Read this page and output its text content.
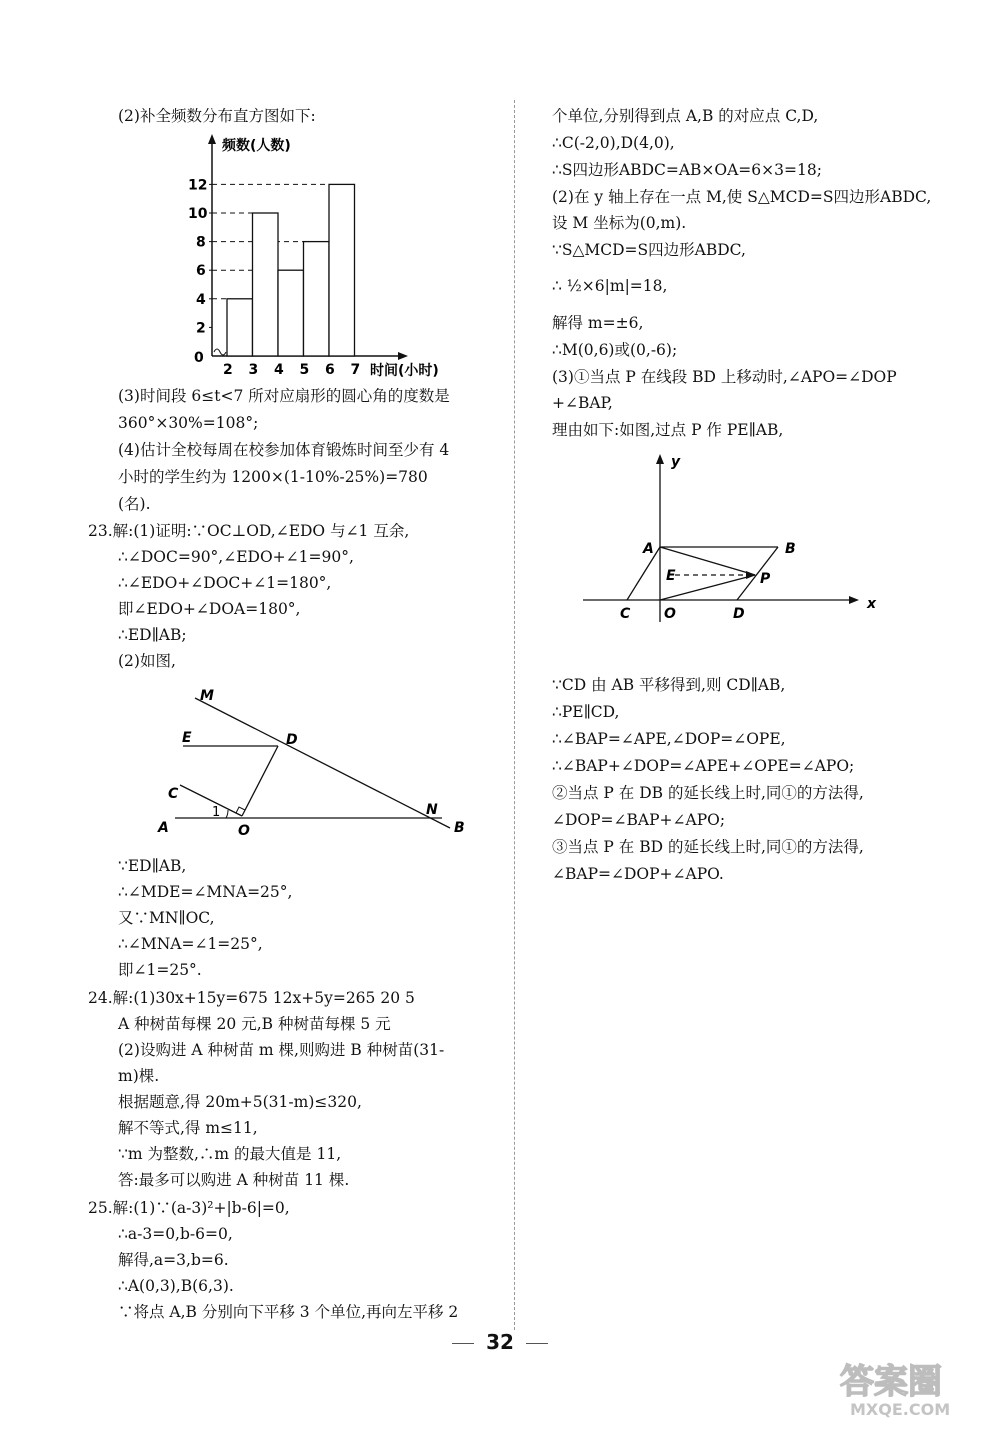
(2)补全频数分布直方图如下:
(3)时间段 6≤t<7 所对应扇形的圆心角的度数是
360°×30%=108°;
(4)估计全校每周在校参加体育锻炼时间至少有 4
小时的学生约为 1200×(1-10%-25%)=780
(名).
23.解:(1)证明:∵OC⊥OD,∠EDO 与∠1 互余,
∴∠DOC=90°,∠EDO+∠1=90°,
∴∠EDO+∠DOC+∠1=180°,
即∠EDO+∠DOA=180°,
∴ED∥AB;
(2)如图,
∵ED∥AB,
∴∠MDE=∠MNA=25°,
又∵MN∥OC,
∴∠MNA=∠1=25°,
即∠1=25°.
24.解:(1)30x+15y=675 12x+5y=265 20 5
A 种树苗每棵 20 元,B 种树苗每棵 5 元
(2)设购进 A 种树苗 m 棵,则购进 B 种树苗(31-
m)棵.
根据题意,得 20m+5(31-m)≤320,
解不等式,得 m≤11,
∵m 为整数,∴m 的最大值是 11,
答:最多可以购进 A 种树苗 11 棵.
25.解:(1)∵(a-3)²+|b-6|=0,
∴a-3=0,b-6=0,
解得,a=3,b=6.
∴A(0,3),B(6,3).
∵将点 A,B 分别向下平移 3 个单位,再向左平移 2
个单位,分别得到点 A,B 的对应点 C,D,
∴C(-2,0),D(4,0),
∴S四边形ABDC=AB×OA=6×3=18;
(2)在 y 轴上存在一点 M,使 S△MCD=S四边形ABDC,
设 M 坐标为(0,m).
∵S△MCD=S四边形ABDC,
∴ ½×6|m|=18,
解得 m=±6,
∴M(0,6)或(0,-6);
(3)①当点 P 在线段 BD 上移动时,∠APO=∠DOP
+∠BAP,
理由如下:如图,过点 P 作 PE∥AB,
∵CD 由 AB 平移得到,则 CD∥AB,
∴PE∥CD,
∴∠BAP=∠APE,∠DOP=∠OPE,
∴∠BAP+∠DOP=∠APE+∠OPE=∠APO;
②当点 P 在 DB 的延长线上时,同①的方法得,
∠DOP=∠BAP+∠APO;
③当点 P 在 BD 的延长线上时,同①的方法得,
∠BAP=∠DOP+∠APO.
2
4
6
8
10
12
2 3 4 5 6 7
频数(人数)
时间(小时)
0
M
E	D
C
1
A	O
N
B
y
x
A	B
E	P
C O	D
32
答案圈
MXQE.COM
